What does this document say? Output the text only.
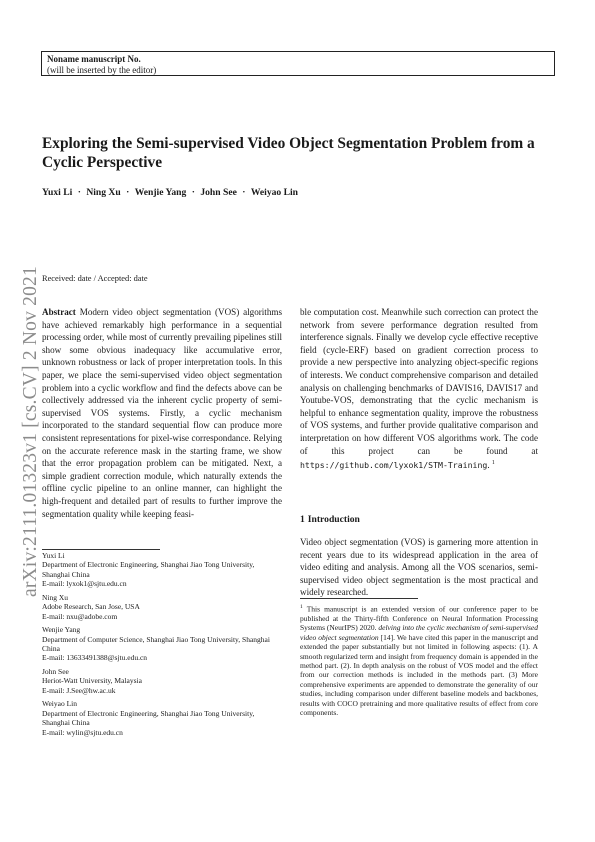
Noname manuscript No.
(will be inserted by the editor)
arXiv:2111.01323v1 [cs.CV] 2 Nov 2021
Exploring the Semi-supervised Video Object Segmentation Problem from a Cyclic Perspective
Yuxi Li · Ning Xu · Wenjie Yang · John See · Weiyao Lin
Received: date / Accepted: date
Abstract Modern video object segmentation (VOS) algorithms have achieved remarkably high performance in a sequential processing order, while most of currently prevailing pipelines still show some obvious inadequacy like accumulative error, unknown robustness or lack of proper interpretation tools. In this paper, we place the semi-supervised video object segmentation problem into a cyclic workflow and find the defects above can be collectively addressed via the inherent cyclic property of semi-supervised VOS systems. Firstly, a cyclic mechanism incorporated to the standard sequential flow can produce more consistent representations for pixel-wise correspondance. Relying on the accurate reference mask in the starting frame, we show that the error propagation problem can be mitigated. Next, a simple gradient correction module, which naturally extends the offline cyclic pipeline to an online manner, can highlight the high-frequent and detailed part of results to further improve the segmentation quality while keeping feasi-
ble computation cost. Meanwhile such correction can protect the network from severe performance degration resulted from interference signals. Finally we develop cycle effective receptive field (cycle-ERF) based on gradient correction process to provide a new perspective into analyzing object-specific regions of interests. We conduct comprehensive comparison and detailed analysis on challenging benchmarks of DAVIS16, DAVIS17 and Youtube-VOS, demonstrating that the cyclic mechanism is helpful to enhance segmentation quality, improve the robustness of VOS systems, and further provide qualitative comparison and interpretation on how different VOS algorithms work. The code of this project can be found at https://github.com/lyxok1/STM-Training. $^1$
1 Introduction
Video object segmentation (VOS) is garnering more attention in recent years due to its widespread application in the area of video editing and analysis. Among all the VOS scenarios, semi-supervised video object segmentation is the most practical and widely researched.
Yuxi Li
Department of Electronic Engineering, Shanghai Jiao Tong University, Shanghai China
E-mail: lyxok1@sjtu.edu.cn
Ning Xu
Adobe Research, San Jose, USA
E-mail: nxu@adobe.com
Wenjie Yang
Department of Computer Science, Shanghai Jiao Tong University, Shanghai China
E-mail: 13633491388@sjtu.edu.cn
John See
Heriot-Watt University, Malaysia
E-mail: J.See@hw.ac.uk
Weiyao Lin
Department of Electronic Engineering, Shanghai Jiao Tong University, Shanghai China
E-mail: wylin@sjtu.edu.cn
$^1$ This manuscript is an extended version of our conference paper to be published at the Thirty-fifth Conference on Neural Information Processing Systems (NeurIPS) 2020. delving into the cyclic mechanism of semi-supervised video object segmentation [14]. We have cited this paper in the manuscript and extended the paper substantially but not limited in following aspects: (1). A smooth regularized term and insight from frequency domain is appended in the method part. (2). In depth analysis on the robust of VOS model and the effect from our correction methods is included in the methods part. (3) More comprehensive experiments are appended to demonstrate the generality of our studies, including comparison under different baseline models and backbones, results with COCO pretraining and more qualitative results of effect from core components.
